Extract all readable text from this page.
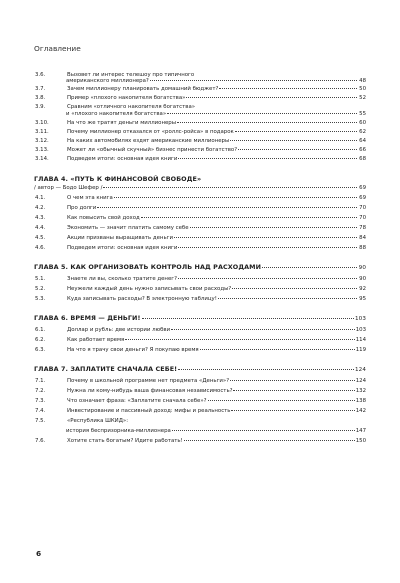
Оглавление
3.6.	Вызовет ли интерес телешоу про типичного
американского миллионера?	48
3.7.	Зачем миллионеру планировать домашний бюджет?	50
3.8.	Пример «плохого накопителя богатства»	52
3.9.	Сравним «отличного накопителя богатства»
и «плохого накопителя богатства»	55
3.10.	На что же тратят деньги миллионеры	60
3.11.	Почему миллионер отказался от «роллс-ройса» в подарок	62
3.12.	На каких автомобилях ездят американские миллионеры	64
3.13.	Может ли «обычный скучный» бизнес принести богатство?	66
3.14.	Подведем итоги: основная идея книги	68
ГЛАВА 4. «ПУТЬ К ФИНАНСОВОЙ СВОБОДЕ»
/ автор — Бодо Шефер /	69
4.1.	О чем эта книга	69
4.2.	Про долги	70
4.3.	Как повысить свой доход	70
4.4.	Экономить — значит платить самому себе	78
4.5.	Акции призваны выращивать деньги	84
4.6.	Подведем итоги: основная идея книги	88
ГЛАВА 5. КАК ОРГАНИЗОВАТЬ КОНТРОЛЬ НАД РАСХОДАМИ	90
5.1.	Знаете ли вы, сколько тратите денег?	90
5.2.	Неужели каждый день нужно записывать свои расходы?	92
5.3.	Куда записывать расходы? В электронную таблицу!	95
ГЛАВА 6. ВРЕМЯ — ДЕНЬГИ!	103
6.1.	Доллар и рубль: две истории любви	103
6.2.	Как работает время	114
6.3.	На что я трачу свои деньги? Я покупаю время	119
ГЛАВА 7. ЗАПЛАТИТЕ СНАЧАЛА СЕБЕ!	124
7.1.	Почему в школьной программе нет предмета «Деньги»?	124
7.2.	Нужна ли кому-нибудь ваша финансовая независимость?	132
7.3.	Что означает фраза: «Заплатите сначала себе»?	138
7.4.	Инвестирование и пассивный доход: мифы и реальность	142
7.5.	«Республика ШКИД»:
история беспризорника-миллионера	147
7.6.	Хотите стать богатым? Идите работать!	150
6
